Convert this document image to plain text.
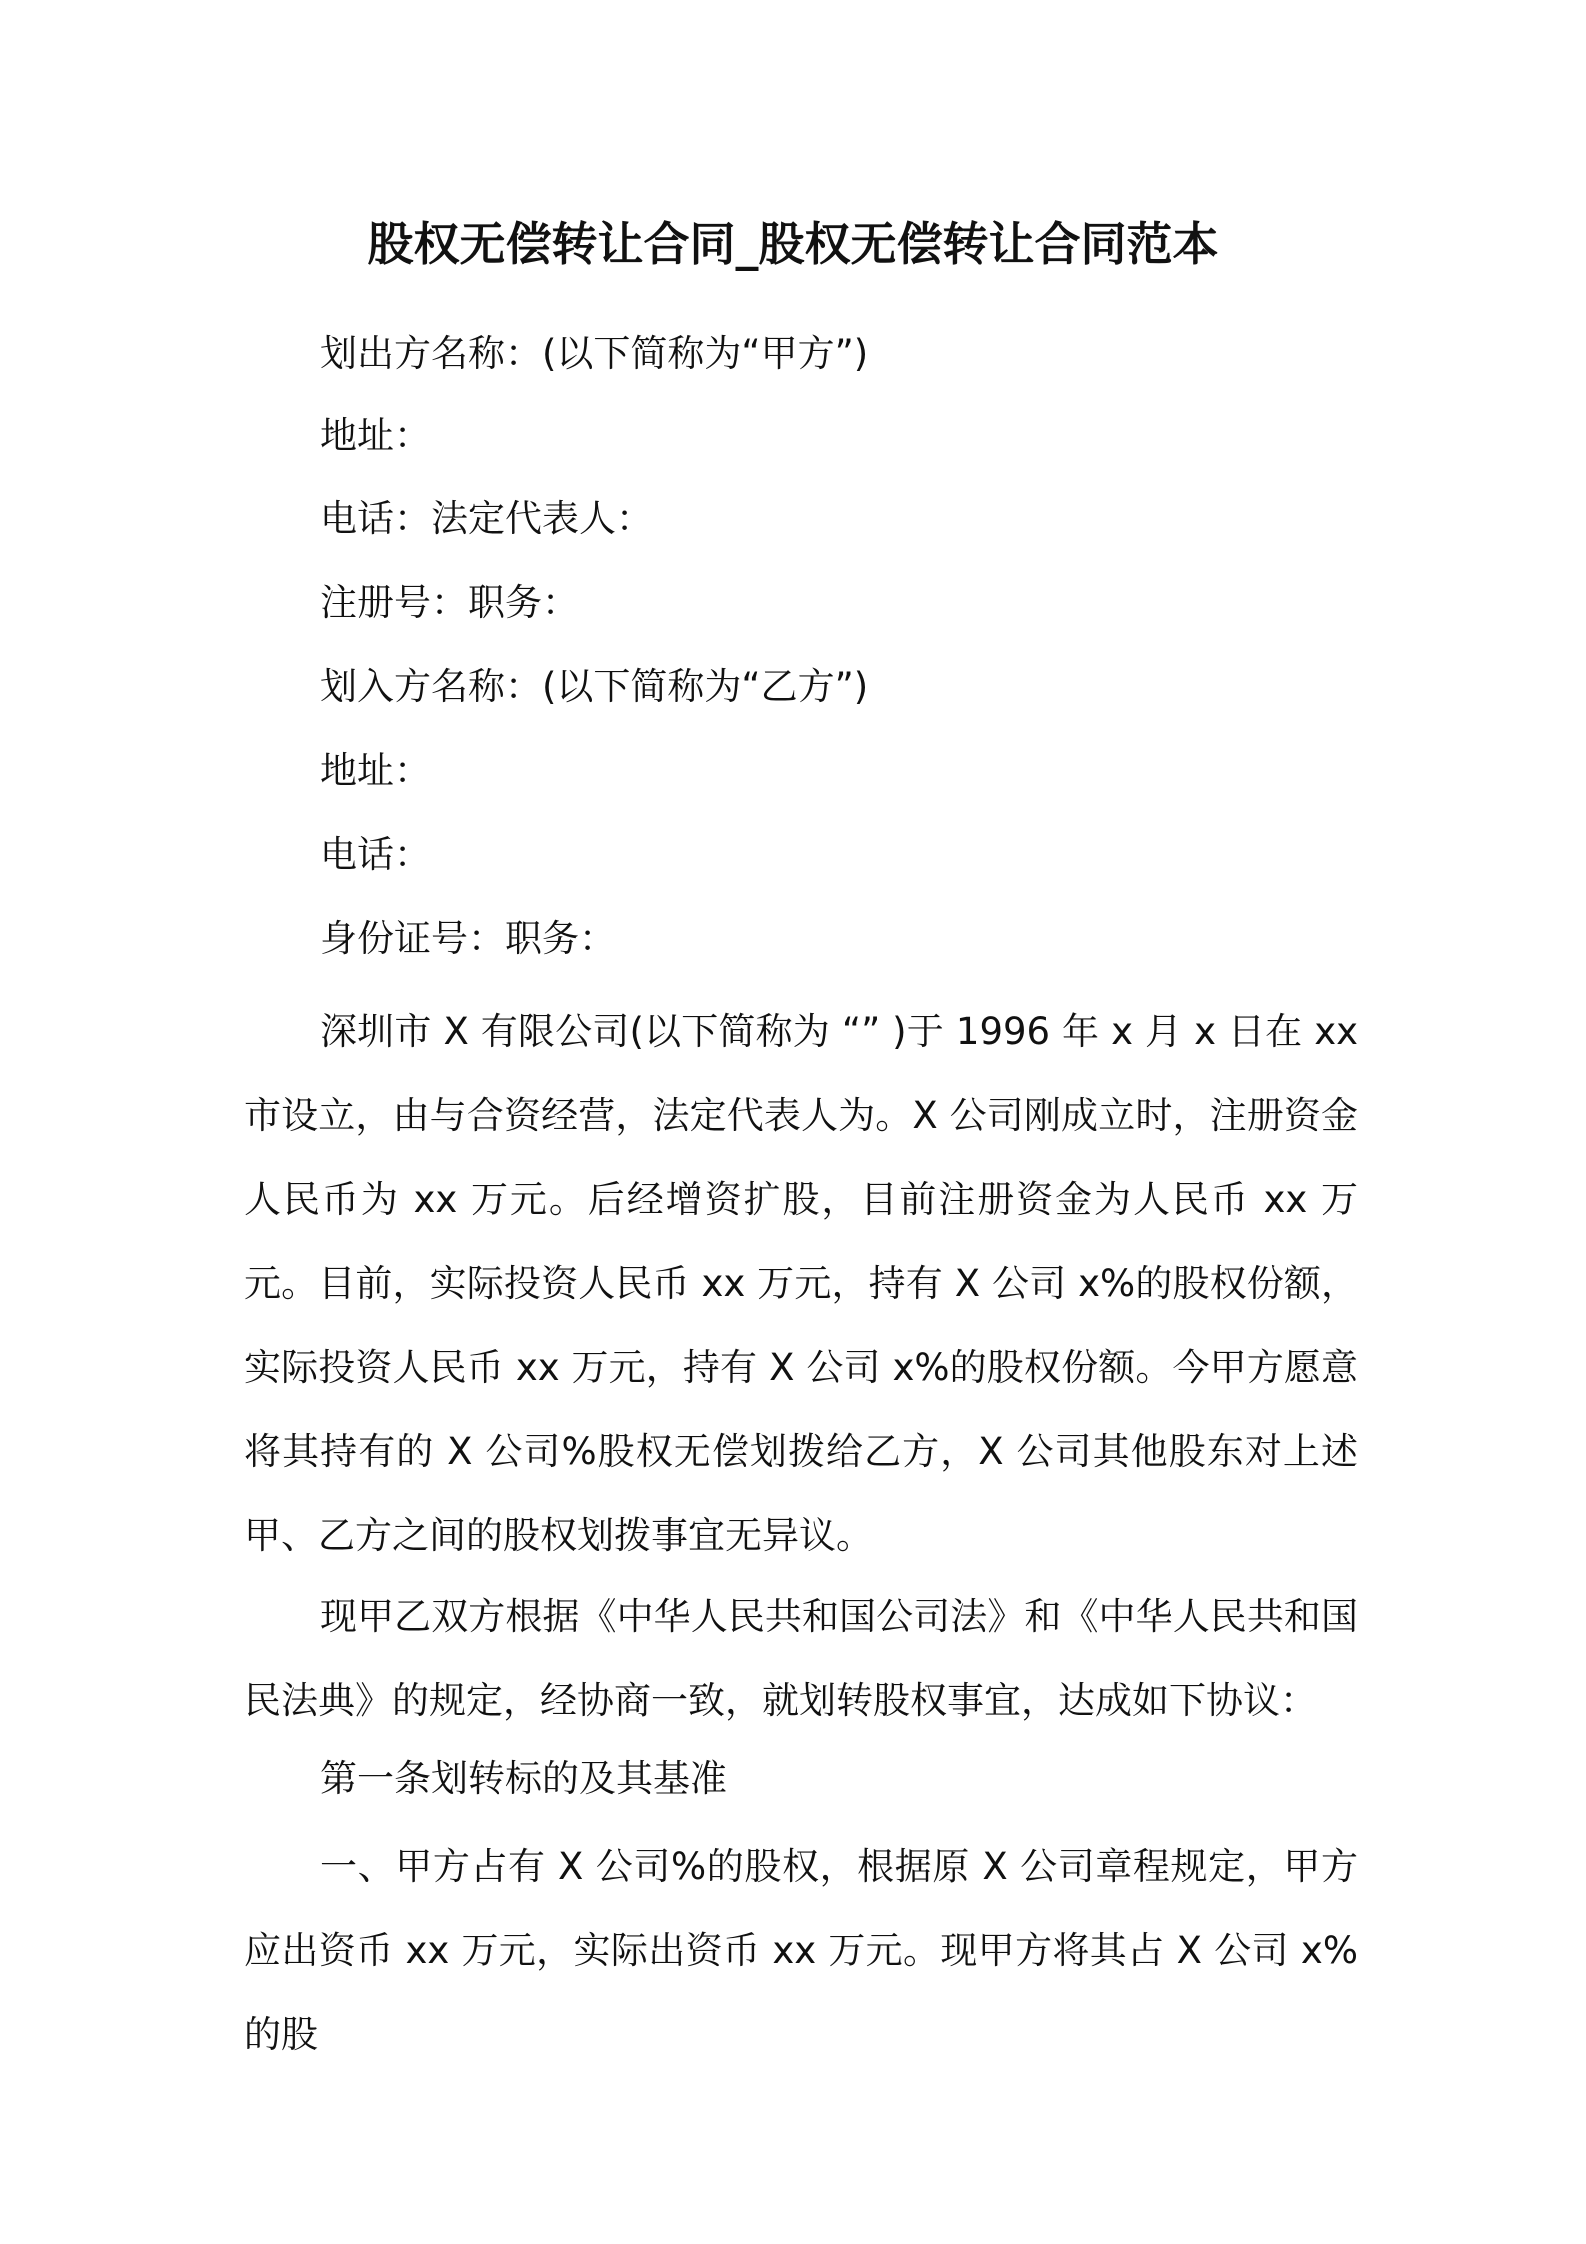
股权无偿转让合同_股权无偿转让合同范本
划出方名称：(以下简称为“甲方”)
地址：
电话：法定代表人：
注册号：职务：
划入方名称：(以下简称为“乙方”)
地址：
电话：
身份证号：职务：

深圳市 X 有限公司(以下简称为 “” )于 1996 年 x 月 x 日在 xx 市设立，由与合资经营，法定代表人为。X 公司刚成立时，注册资金人民币为 xx 万元。后经增资扩股，目前注册资金为人民币 xx 万元。目前，实际投资人民币 xx 万元，持有 X 公司 x%的股权份额，实际投资人民币 xx 万元，持有 X 公司 x%的股权份额。今甲方愿意将其持有的 X 公司%股权无偿划拨给乙方，X 公司其他股东对上述甲、乙方之间的股权划拨事宜无异议。

现甲乙双方根据《中华人民共和国公司法》和《中华人民共和国民法典》的规定，经协商一致，就划转股权事宜，达成如下协议：

第一条划转标的及其基准

一、甲方占有 X 公司%的股权，根据原 X 公司章程规定，甲方应出资币 xx 万元，实际出资币 xx 万元。现甲方将其占 X 公司 x%的股
